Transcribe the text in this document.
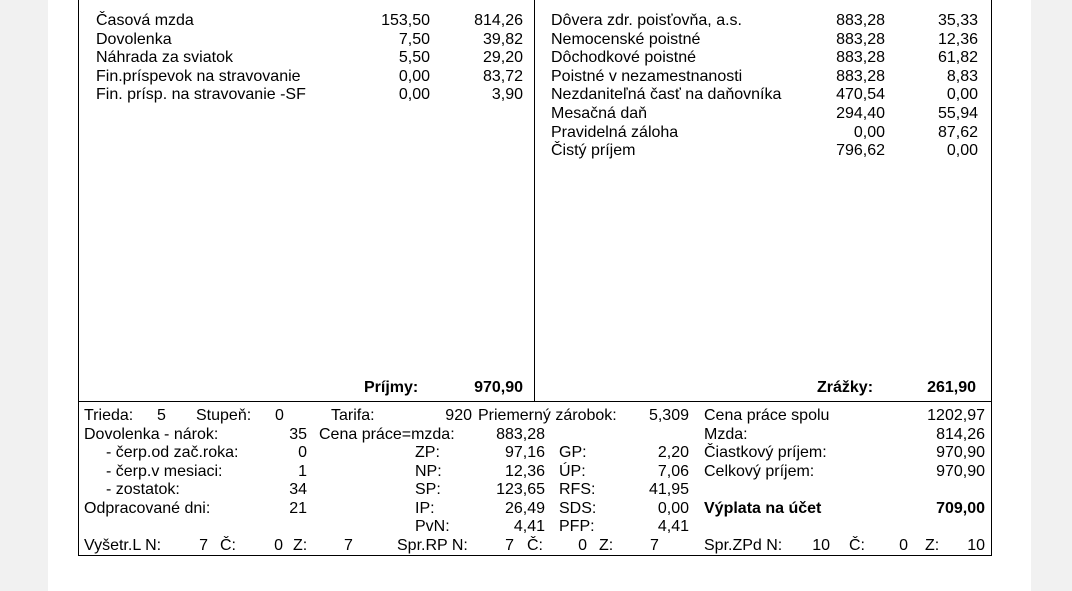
Časová mzda	153,50	814,26
Dovolenka	7,50	39,82
Náhrada za sviatok	5,50	29,20
Fin.príspevok na stravovanie	0,00	83,72
Fin. prísp. na stravovanie -SF	0,00	3,90
Dôvera zdr. poisťovňa, a.s.	883,28	35,33
Nemocenské poistné	883,28	12,36
Dôchodkové poistné	883,28	61,82
Poistné v nezamestnanosti	883,28	8,83
Nezdaniteľná časť na daňovníka	470,54	0,00
Mesačná daň	294,40	55,94
Pravidelná záloha	0,00	87,62
Čistý príjem	796,62	0,00
Príjmy:	970,90	Zrážky:	261,90
Trieda: 5 Stupeň: 0	Tarifa:	920 Priemerný zárobok:	5,309 Cena práce spolu	1202,97
Dovolenka - nárok:	35 Cena práce=mzda:	883,28	Mzda:	814,26
- čerp.od zač.roka:	0	ZP:	97,16 GP:	2,20 Čiastkový príjem:	970,90
- čerp.v mesiaci:	1	NP:	12,36 ÚP:	7,06 Celkový príjem:	970,90
- zostatok:	34	SP:	123,65 RFS:	41,95
Odpracované dni:	21	IP:	26,49 SDS:	0,00 Výplata na účet	709,00
PvN:	4,41 PFP:	4,41
Vyšetr.L N:	7 Č:	0 Z: 7	Spr.RP N:	7 Č:	0 Z: 7	Spr.ZPd N:	10 Č:	0 Z:	10
